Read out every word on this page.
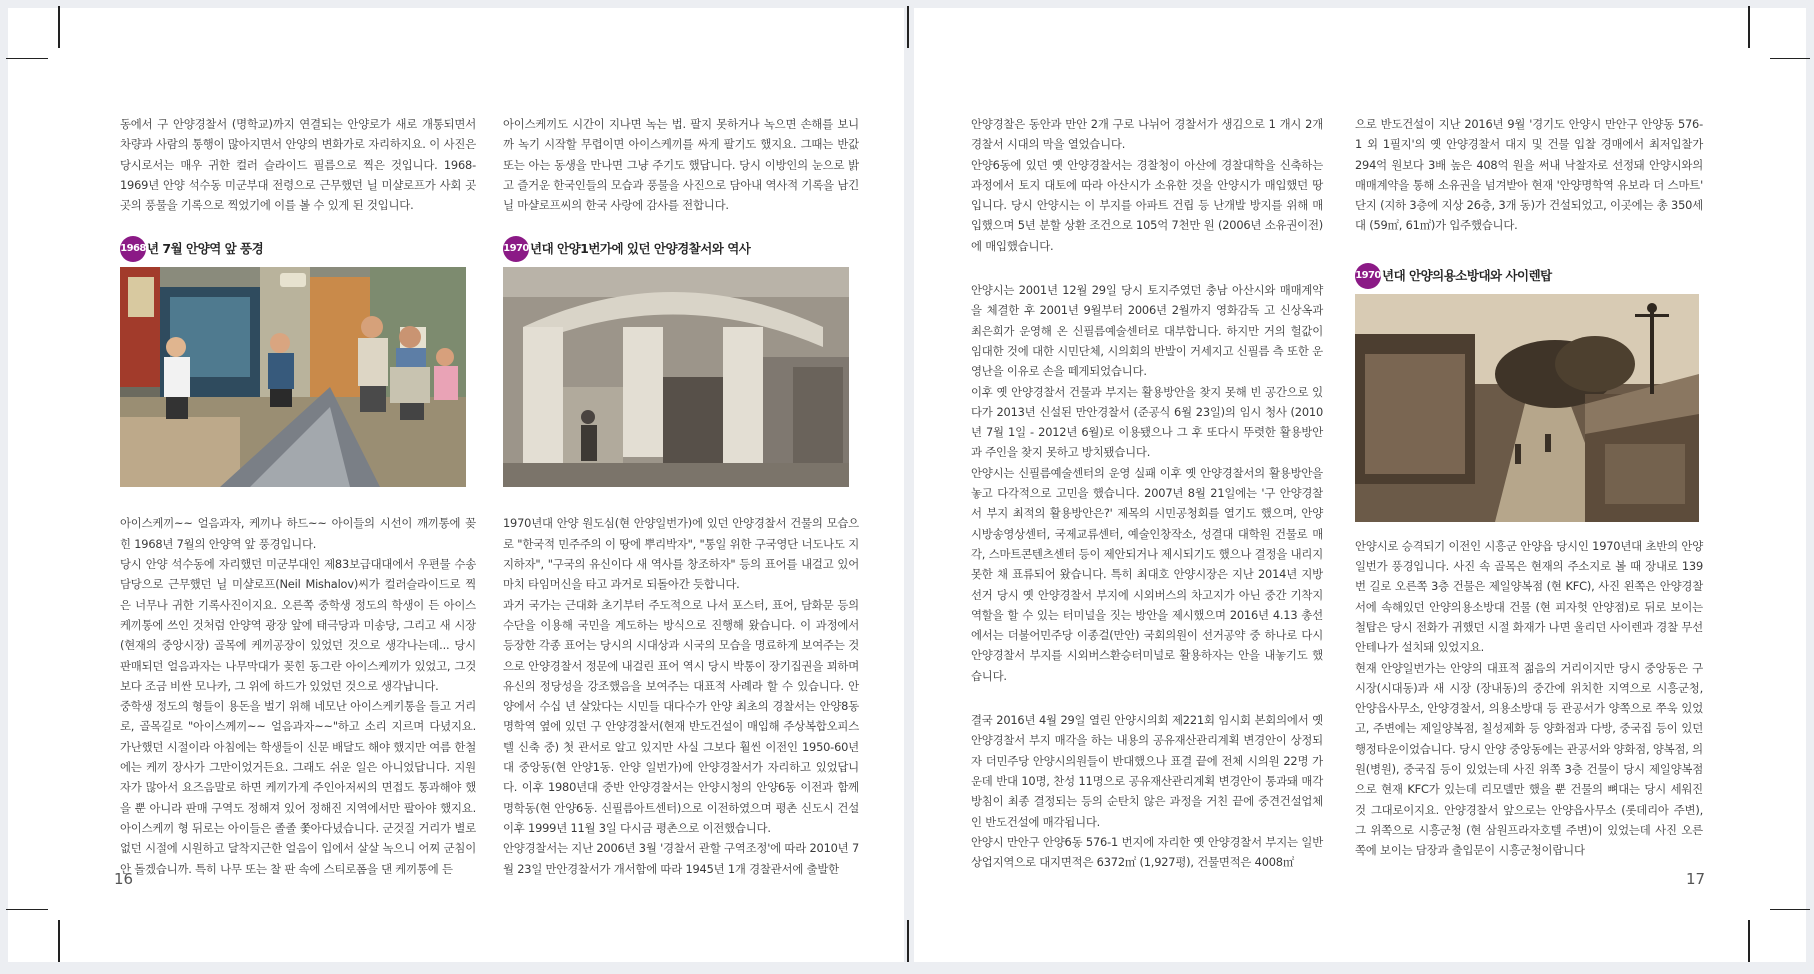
동에서 구 안양경찰서 (명학교)까지 연결되는 안양로가 새로 개통되면서 차량과 사람의 통행이 많아지면서 안양의 변화가로 자리하지요. 이 사진은 당시로서는 매우 귀한 컬러 슬라이드 필름으로 찍은 것입니다. 1968-1969년 안양 석수동 미군부대 전령으로 근무했던 닐 미샬로프가 사회 곳곳의 풍물을 기록으로 찍었기에 이를 볼 수 있게 된 것입니다.

1968 년 7월 안양역 앞 풍경

아이스케끼~~ 얼음과자, 케끼나 하드~~ 아이들의 시선이 깨끼통에 꽂힌 1968년 7월의 안양역 앞 풍경입니다.
당시 안양 석수동에 자리했던 미군부대인 제83보급대대에서 우편물 수송담당으로 근무했던 닐 미샬로프(Neil Mishalov)씨가 컬러슬라이드로 찍은 너무나 귀한 기록사진이지요. 오른쪽 중학생 정도의 학생이 든 아이스케끼통에 쓰인 것처럼 안양역 광장 앞에 태극당과 미송당, 그리고 새 시장 (현재의 중앙시장) 골목에 케끼공장이 있었던 것으로 생각나는데... 당시 판매되던 얼음과자는 나무막대가 꽂힌 동그란 아이스케끼가 있었고, 그것보다 조금 비싼 모나카, 그 위에 하드가 있었던 것으로 생각납니다.
중학생 정도의 형들이 용돈을 벌기 위해 네모난 아이스케키통을 들고 거리로, 골목길로 "아이스께끼~~ 얼음과자~~"하고 소리 지르며 다녔지요. 가난했던 시절이라 아침에는 학생들이 신문 배달도 해야 했지만 여름 한철에는 케끼 장사가 그만이었거든요. 그래도 쉬운 일은 아니었답니다. 지원자가 많아서 요즈음말로 하면 케끼가게 주인아저씨의 면접도 통과해야 했을 뿐 아니라 판매 구역도 정해져 있어 정해진 지역에서만 팔아야 했지요. 아이스케끼 형 뒤로는 아이들은 졸졸 쫓아다녔습니다. 군것질 거리가 별로 없던 시절에 시원하고 달착지근한 얼음이 입에서 살살 녹으니 어찌 군침이 안 돌겠습니까. 특히 나무 또는 찰 판 속에 스티로폼을 댄 케끼통에 든

아이스케끼도 시간이 지나면 녹는 법. 팔지 못하거나 녹으면 손해를 보니까 녹기 시작할 무렵이면 아이스케끼를 싸게 팔기도 했지요. 그때는 반값 또는 아는 동생을 만나면 그냥 주기도 했답니다. 당시 이방인의 눈으로 밝고 즐거운 한국인들의 모습과 풍물을 사진으로 담아내 역사적 기록을 남긴 닐 마샬로프씨의 한국 사랑에 감사를 전합니다.

1970 년대 안양1번가에 있던 안양경찰서와 역사

1970년대 안양 원도심(현 안양일번가)에 있던 안양경찰서 건물의 모습으로 "한국적 민주주의 이 땅에 뿌리박자", "통일 위한 구국영단 너도나도 지지하자", "구국의 유신이다 새 역사를 창조하자" 등의 표어를 내걸고 있어 마치 타임머신을 타고 과거로 되돌아간 듯합니다.
과거 국가는 근대화 초기부터 주도적으로 나서 포스터, 표어, 담화문 등의 수단을 이용해 국민을 계도하는 방식으로 진행해 왔습니다. 이 과정에서 등장한 각종 표어는 당시의 시대상과 시국의 모습을 명료하게 보여주는 것으로 안양경찰서 정문에 내걸린 표어 역시 당시 박통이 장기집권을 꾀하며 유신의 정당성을 강조했음을 보여주는 대표적 사례라 할 수 있습니다. 안양에서 수십 년 살았다는 시민들 대다수가 안양 최초의 경찰서는 안양8동 명학역 옆에 있던 구 안양경찰서(현재 반도건설이 매입해 주상복합오피스텔 신축 중) 첫 관서로 알고 있지만 사실 그보다 훨씬 이전인 1950-60년대 중앙동(현 안양1동. 안양 일번가)에 안양경찰서가 자리하고 있었답니다. 이후 1980년대 중반 안양경찰서는 안양시청의 안양6동 이전과 함께 명학동(현 안양6동. 신필름아트센터)으로 이전하였으며 평촌 신도시 건설 이후 1999년 11월 3일 다시금 평촌으로 이전했습니다.
안양경찰서는 지난 2006년 3월 '경찰서 관할 구역조정'에 따라 2010년 7월 23일 만안경찰서가 개서함에 따라 1945년 1개 경찰관서에 출발한

16

안양경찰은 동안과 만안 2개 구로 나뉘어 경찰서가 생김으로 1 개시 2개 경찰서 시대의 막을 열었습니다.
안양6동에 있던 옛 안양경찰서는 경찰청이 아산에 경찰대학을 신축하는 과정에서 토지 대토에 따라 아산시가 소유한 것을 안양시가 매입했던 땅입니다. 당시 안양시는 이 부지를 아파트 건립 등 난개발 방지를 위해 매입했으며 5년 분할 상환 조건으로 105억 7천만 원 (2006년 소유권이전)에 매입했습니다.

안양시는 2001년 12월 29일 당시 토지주였던 충남 아산시와 매매계약을 체결한 후 2001년 9월부터 2006년 2월까지 영화감독 고 신상옥과 최은희가 운영해 온 신필름예술센터로 대부합니다. 하지만 거의 헐값이 임대한 것에 대한 시민단체, 시의회의 반발이 거세지고 신필름 측 또한 운영난을 이유로 손을 떼게되었습니다.
이후 옛 안양경찰서 건물과 부지는 활용방안을 찾지 못해 빈 공간으로 있다가 2013년 신설된 만안경찰서 (준공식 6월 23일)의 임시 청사 (2010년 7월 1일 - 2012년 6월)로 이용됐으나 그 후 또다시 뚜렷한 활용방안과 주인을 찾지 못하고 방치됐습니다.
안양시는 신필름예술센터의 운영 실패 이후 옛 안양경찰서의 활용방안을 놓고 다각적으로 고민을 했습니다. 2007년 8월 21일에는 '구 안양경찰서 부지 최적의 활용방안은?' 제목의 시민공청회를 열기도 했으며, 안양시방송영상센터, 국제교류센터, 예술인창작소, 성결대 대학원 건물로 매각, 스마트콘텐츠센터 등이 제안되거나 제시되기도 했으나 결정을 내리지 못한 채 표류되어 왔습니다. 특히 최대호 안양시장은 지난 2014년 지방선거 당시 옛 안양경찰서 부지에 시외버스의 차고지가 아닌 중간 기착지 역할을 할 수 있는 터미널을 짓는 방안을 제시했으며 2016년 4.13 총선에서는 더불어민주당 이종걸(만안) 국회의원이 선거공약 중 하나로 다시 안양경찰서 부지를 시외버스환승터미널로 활용하자는 안을 내놓기도 했습니다.

결국 2016년 4월 29일 열린 안양시의회 제221회 임시회 본회의에서 옛 안양경찰서 부지 매각을 하는 내용의 공유재산관리계획 변경안이 상정되자 더민주당 안양시의원들이 반대했으나 표결 끝에 전체 시의원 22명 가운데 반대 10명, 찬성 11명으로 공유재산관리계획 변경안이 통과돼 매각 방침이 최종 결정되는 등의 순탄치 않은 과정을 거친 끝에 중견건설업체인 반도건설에 매각됩니다.
안양시 만안구 안양6동 576-1 번지에 자리한 옛 안양경찰서 부지는 일반상업지역으로 대지면적은 6372㎡ (1,927평), 건물면적은 4008㎡

으로 반도건설이 지난 2016년 9월 '경기도 안양시 만안구 안양동 576-1 외 1필지'의 옛 안양경찰서 대지 및 건물 입찰 경매에서 최저입찰가 294억 원보다 3배 높은 408억 원을 써내 낙찰자로 선정돼 안양시와의 매매계약을 통해 소유권을 넘겨받아 현재 '안양명학역 유보라 더 스마트' 단지 (지하 3층에 지상 26층, 3개 동)가 건설되었고, 이곳에는 총 350세대 (59㎡, 61㎡)가 입주했습니다.

1970 년대 안양의용소방대와 사이렌탑

안양시로 승격되기 이전인 시흥군 안양읍 당시인 1970년대 초반의 안양일번가 풍경입니다. 사진 속 골목은 현재의 주소지로 볼 때 장내로 139번 길로 오른쪽 3층 건물은 제일양복점 (현 KFC), 사진 왼쪽은 안양경찰서에 속해있던 안양의용소방대 건물 (현 피자헛 안양점)로 뒤로 보이는 철탑은 당시 전화가 귀했던 시절 화재가 나면 울리던 사이렌과 경찰 무선 안테나가 설치돼 있었지요.
현재 안양일번가는 안양의 대표적 젊음의 거리이지만 당시 중앙동은 구시장(시대동)과 새 시장 (장내동)의 중간에 위치한 지역으로 시흥군청, 안양읍사무소, 안양경찰서, 의용소방대 등 관공서가 양쪽으로 쭈욱 있었고, 주변에는 제일양복점, 칠성제화 등 양화점과 다방, 중국집 등이 있던 행정타운이었습니다. 당시 안양 중앙동에는 관공서와 양화점, 양복점, 의원(병원), 중국집 등이 있었는데 사진 위쪽 3층 건물이 당시 제일양복점으로 현재 KFC가 있는데 리모델만 했을 뿐 건물의 뼈대는 당시 세워진 것 그대로이지요. 안양경찰서 앞으로는 안양읍사무소 (롯데리아 주변), 그 위쪽으로 시흥군청 (현 삼원프라자호텔 주변)이 있었는데 사진 오른쪽에 보이는 담장과 출입문이 시흥군청이랍니다

17
